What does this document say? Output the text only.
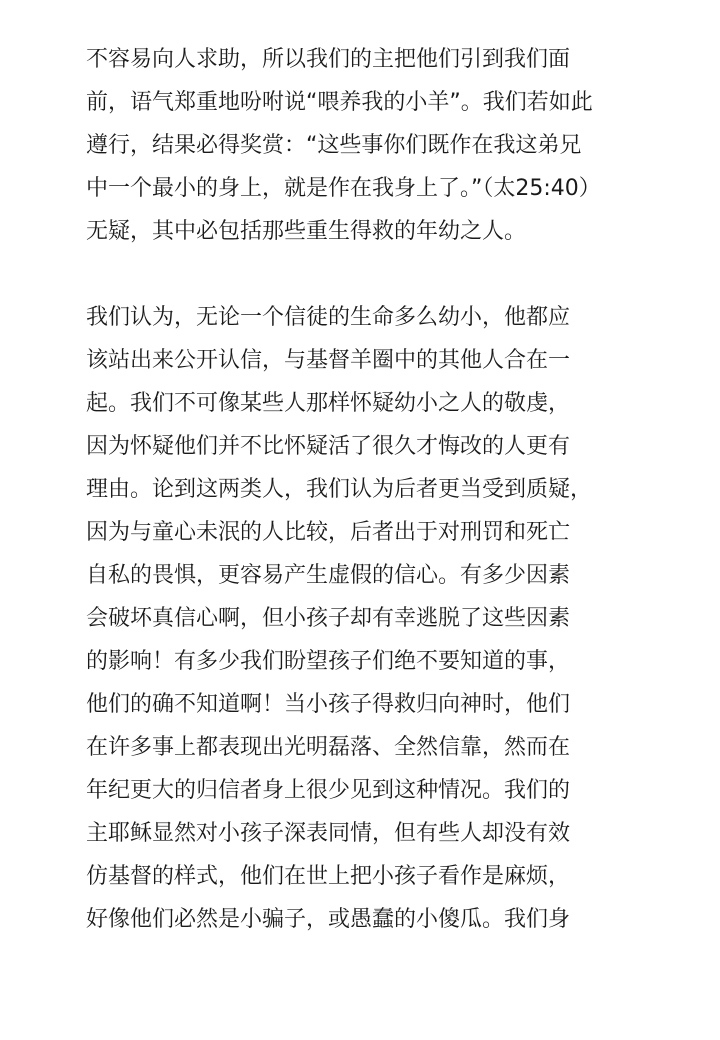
不容易向人求助，所以我们的主把他们引到我们面
前，语气郑重地吩咐说“喂养我的小羊”。我们若如此
遵行，结果必得奖赏：“这些事你们既作在我这弟兄
中一个最小的身上，就是作在我身上了。”（太25:40）
无疑，其中必包括那些重生得救的年幼之人。
我们认为，无论一个信徒的生命多么幼小，他都应
该站出来公开认信，与基督羊圈中的其他人合在一
起。我们不可像某些人那样怀疑幼小之人的敬虔，
因为怀疑他们并不比怀疑活了很久才悔改的人更有
理由。论到这两类人，我们认为后者更当受到质疑，
因为与童心未泯的人比较，后者出于对刑罚和死亡
自私的畏惧，更容易产生虚假的信心。有多少因素
会破坏真信心啊，但小孩子却有幸逃脱了这些因素
的影响！有多少我们盼望孩子们绝不要知道的事，
他们的确不知道啊！当小孩子得救归向神时，他们
在许多事上都表现出光明磊落、全然信靠，然而在
年纪更大的归信者身上很少见到这种情况。我们的
主耶稣显然对小孩子深表同情，但有些人却没有效
仿基督的样式，他们在世上把小孩子看作是麻烦，
好像他们必然是小骗子，或愚蠢的小傻瓜。我们身
